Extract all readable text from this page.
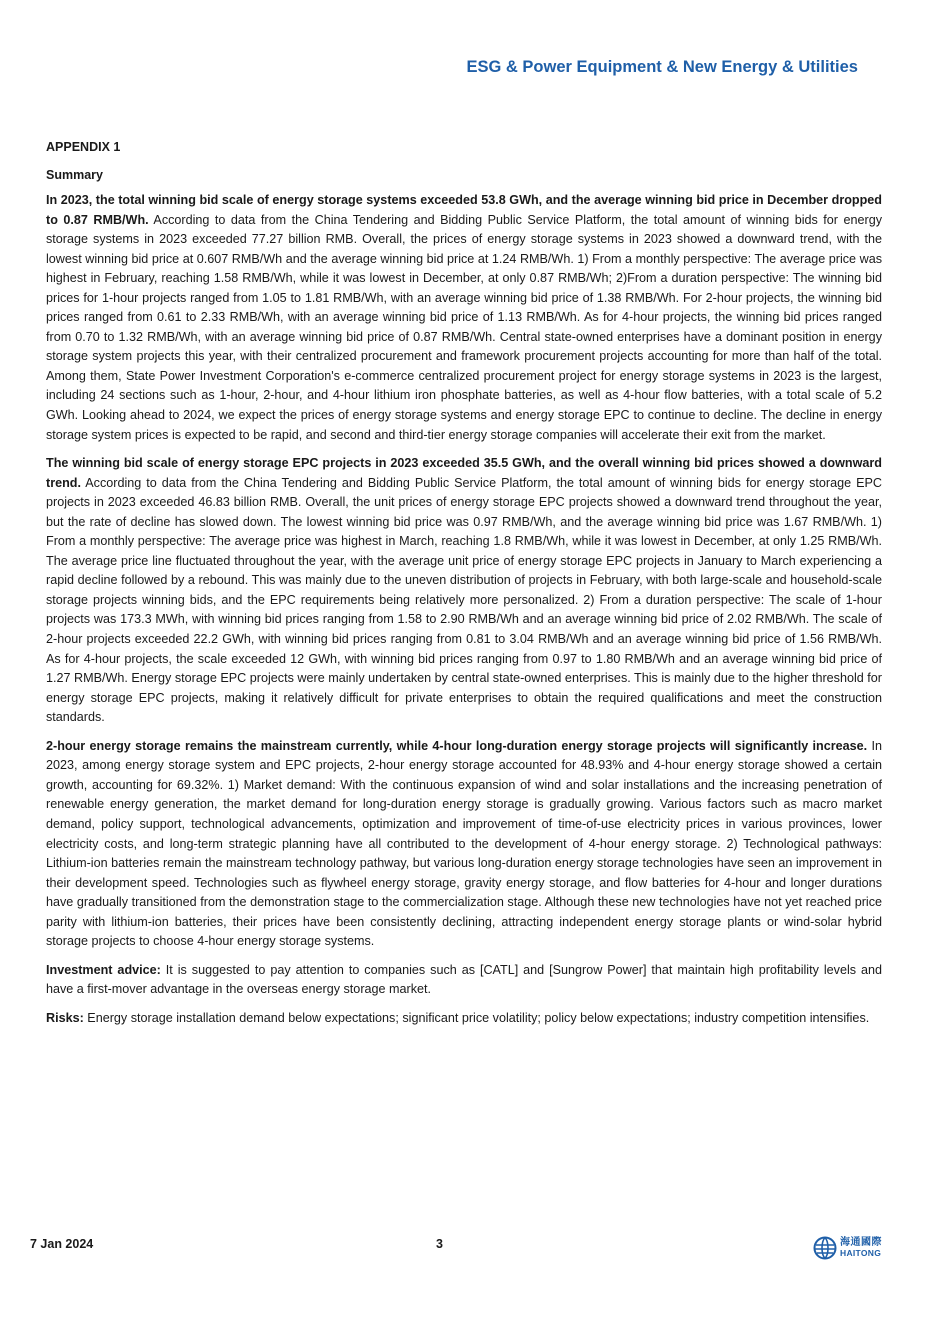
ESG & Power Equipment & New Energy & Utilities
APPENDIX 1
Summary

In 2023, the total winning bid scale of energy storage systems exceeded 53.8 GWh, and the average winning bid price in December dropped to 0.87 RMB/Wh. According to data from the China Tendering and Bidding Public Service Platform, the total amount of winning bids for energy storage systems in 2023 exceeded 77.27 billion RMB. Overall, the prices of energy storage systems in 2023 showed a downward trend, with the lowest winning bid price at 0.607 RMB/Wh and the average winning bid price at 1.24 RMB/Wh. 1) From a monthly perspective: The average price was highest in February, reaching 1.58 RMB/Wh, while it was lowest in December, at only 0.87 RMB/Wh; 2)From a duration perspective: The winning bid prices for 1-hour projects ranged from 1.05 to 1.81 RMB/Wh, with an average winning bid price of 1.38 RMB/Wh. For 2-hour projects, the winning bid prices ranged from 0.61 to 2.33 RMB/Wh, with an average winning bid price of 1.13 RMB/Wh. As for 4-hour projects, the winning bid prices ranged from 0.70 to 1.32 RMB/Wh, with an average winning bid price of 0.87 RMB/Wh. Central state-owned enterprises have a dominant position in energy storage system projects this year, with their centralized procurement and framework procurement projects accounting for more than half of the total. Among them, State Power Investment Corporation's e-commerce centralized procurement project for energy storage systems in 2023 is the largest, including 24 sections such as 1-hour, 2-hour, and 4-hour lithium iron phosphate batteries, as well as 4-hour flow batteries, with a total scale of 5.2 GWh. Looking ahead to 2024, we expect the prices of energy storage systems and energy storage EPC to continue to decline. The decline in energy storage system prices is expected to be rapid, and second and third-tier energy storage companies will accelerate their exit from the market.

The winning bid scale of energy storage EPC projects in 2023 exceeded 35.5 GWh, and the overall winning bid prices showed a downward trend. According to data from the China Tendering and Bidding Public Service Platform, the total amount of winning bids for energy storage EPC projects in 2023 exceeded 46.83 billion RMB. Overall, the unit prices of energy storage EPC projects showed a downward trend throughout the year, but the rate of decline has slowed down. The lowest winning bid price was 0.97 RMB/Wh, and the average winning bid price was 1.67 RMB/Wh. 1) From a monthly perspective: The average price was highest in March, reaching 1.8 RMB/Wh, while it was lowest in December, at only 1.25 RMB/Wh. The average price line fluctuated throughout the year, with the average unit price of energy storage EPC projects in January to March experiencing a rapid decline followed by a rebound. This was mainly due to the uneven distribution of projects in February, with both large-scale and household-scale storage projects winning bids, and the EPC requirements being relatively more personalized. 2) From a duration perspective: The scale of 1-hour projects was 173.3 MWh, with winning bid prices ranging from 1.58 to 2.90 RMB/Wh and an average winning bid price of 2.02 RMB/Wh. The scale of 2-hour projects exceeded 22.2 GWh, with winning bid prices ranging from 0.81 to 3.04 RMB/Wh and an average winning bid price of 1.56 RMB/Wh. As for 4-hour projects, the scale exceeded 12 GWh, with winning bid prices ranging from 0.97 to 1.80 RMB/Wh and an average winning bid price of 1.27 RMB/Wh. Energy storage EPC projects were mainly undertaken by central state-owned enterprises. This is mainly due to the higher threshold for energy storage EPC projects, making it relatively difficult for private enterprises to obtain the required qualifications and meet the construction standards.

2-hour energy storage remains the mainstream currently, while 4-hour long-duration energy storage projects will significantly increase. In 2023, among energy storage system and EPC projects, 2-hour energy storage accounted for 48.93% and 4-hour energy storage showed a certain growth, accounting for 69.32%. 1) Market demand: With the continuous expansion of wind and solar installations and the increasing penetration of renewable energy generation, the market demand for long-duration energy storage is gradually growing. Various factors such as macro market demand, policy support, technological advancements, optimization and improvement of time-of-use electricity prices in various provinces, lower electricity costs, and long-term strategic planning have all contributed to the development of 4-hour energy storage. 2) Technological pathways: Lithium-ion batteries remain the mainstream technology pathway, but various long-duration energy storage technologies have seen an improvement in their development speed. Technologies such as flywheel energy storage, gravity energy storage, and flow batteries for 4-hour and longer durations have gradually transitioned from the demonstration stage to the commercialization stage. Although these new technologies have not yet reached price parity with lithium-ion batteries, their prices have been consistently declining, attracting independent energy storage plants or wind-solar hybrid storage projects to choose 4-hour energy storage systems.

Investment advice: It is suggested to pay attention to companies such as [CATL] and [Sungrow Power] that maintain high profitability levels and have a first-mover advantage in the overseas energy storage market.

Risks: Energy storage installation demand below expectations; significant price volatility; policy below expectations; industry competition intensifies.

7 Jan 2024	3	海通國際
HAITONG
